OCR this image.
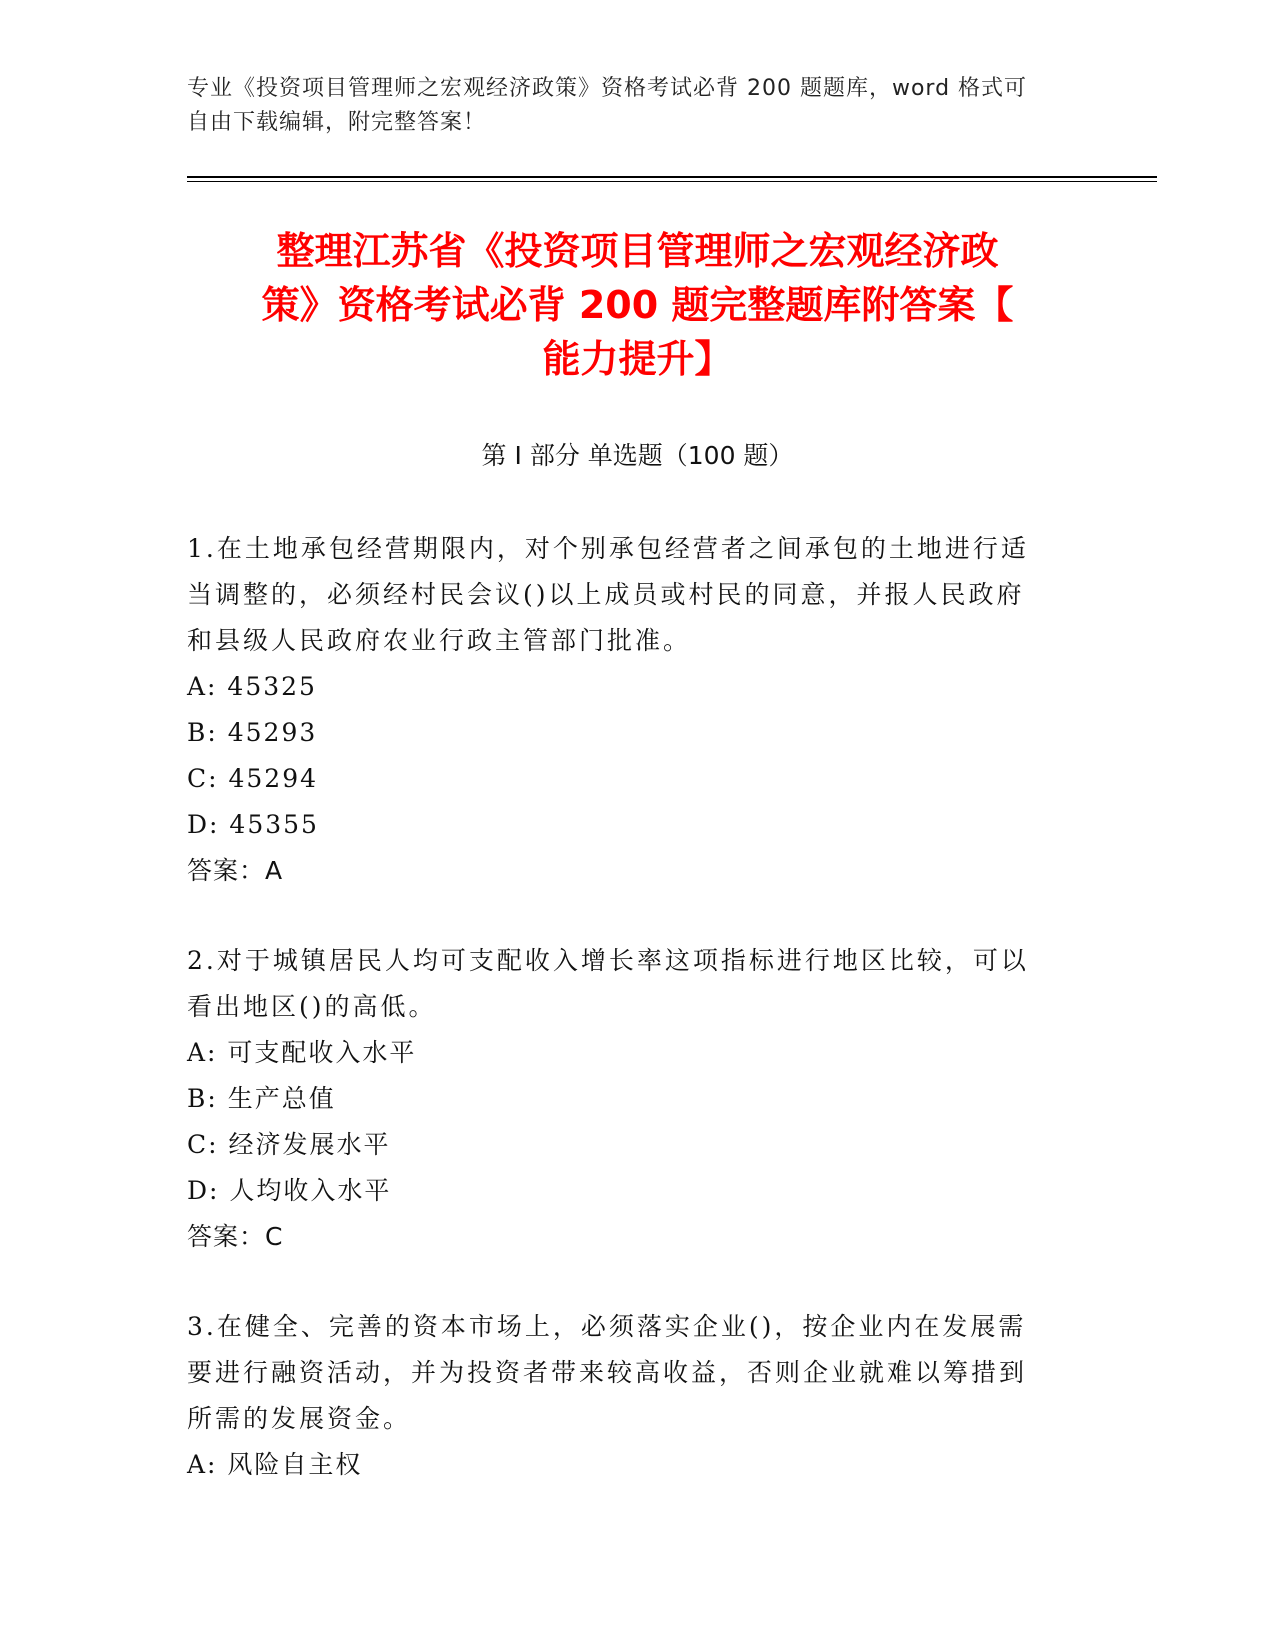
专业《投资项目管理师之宏观经济政策》资格考试必背 200 题题库，word 格式可
自由下载编辑，附完整答案！
整理江苏省《投资项目管理师之宏观经济政
策》资格考试必背 200 题完整题库附答案【
能力提升】
第 I 部分 单选题（100 题）
1.在土地承包经营期限内，对个别承包经营者之间承包的土地进行适
当调整的，必须经村民会议()以上成员或村民的同意，并报人民政府
和县级人民政府农业行政主管部门批准。
A: 45325
B: 45293
C: 45294
D: 45355
答案：A
2.对于城镇居民人均可支配收入增长率这项指标进行地区比较，可以
看出地区()的高低。
A: 可支配收入水平
B: 生产总值
C: 经济发展水平
D: 人均收入水平
答案：C
3.在健全、完善的资本市场上，必须落实企业()，按企业内在发展需
要进行融资活动，并为投资者带来较高收益，否则企业就难以筹措到
所需的发展资金。
A: 风险自主权
